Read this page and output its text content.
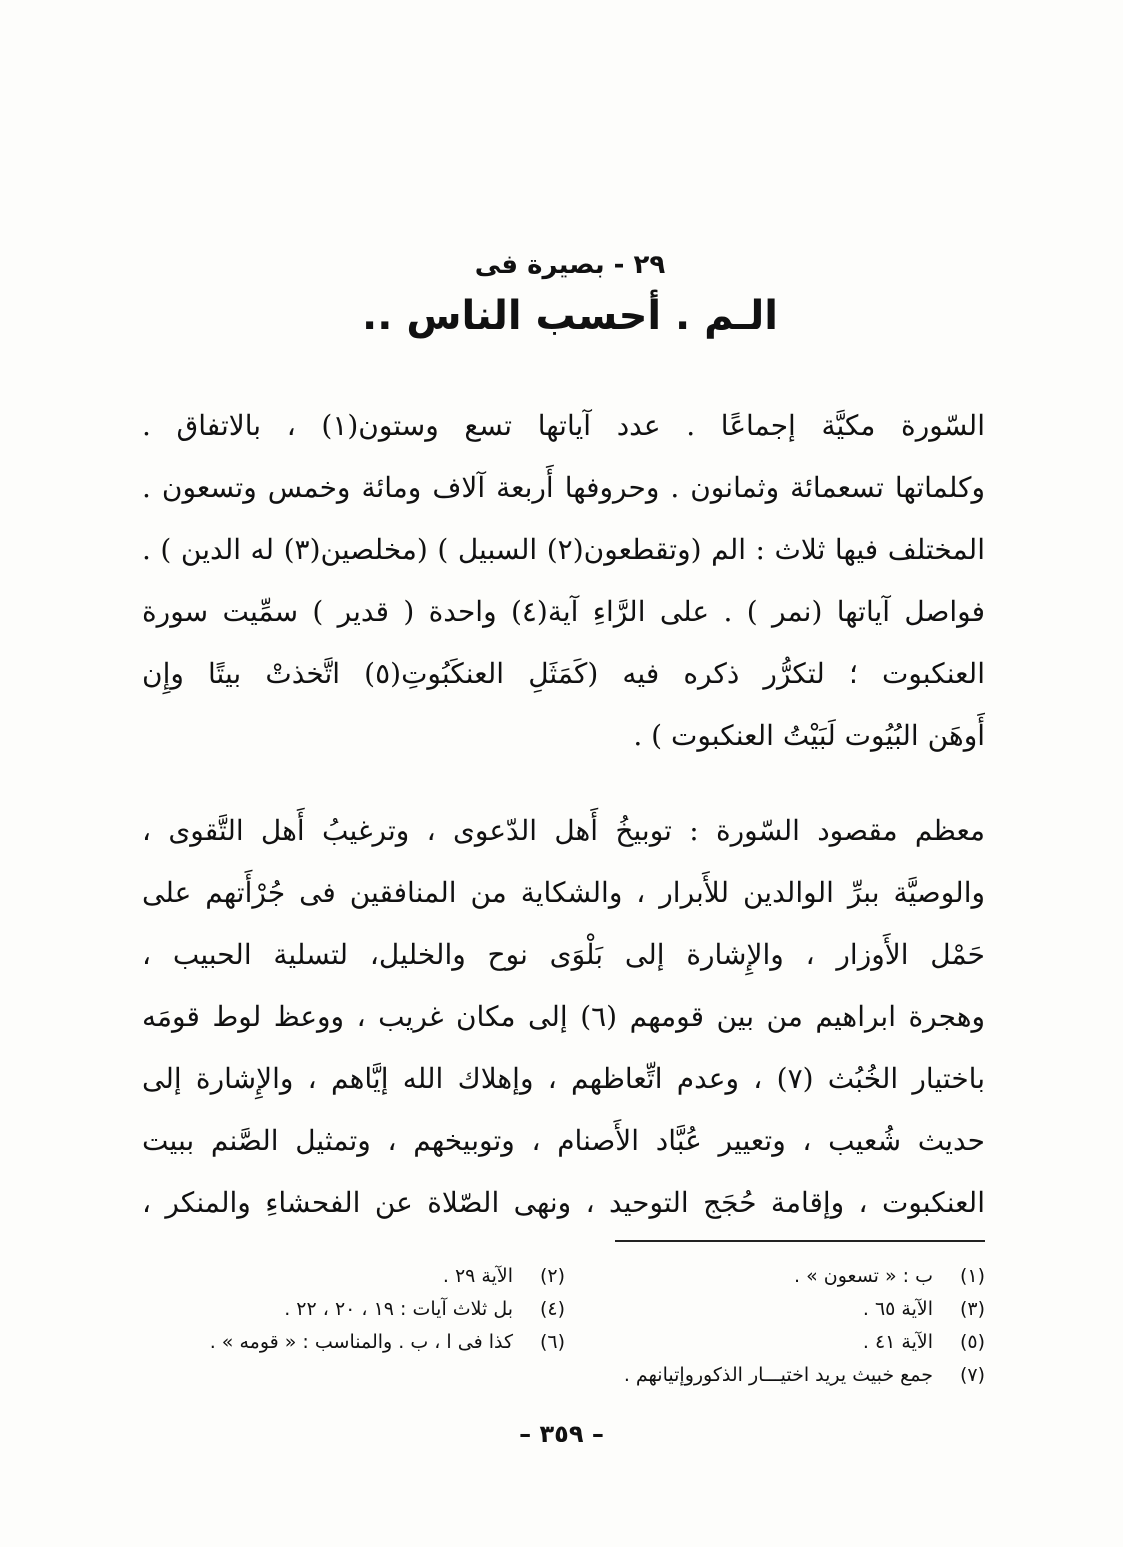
٢٩ - بصيرة فى
الـم . أحسب الناس ..
السّورة مكيَّة إجماعًا . عدد آياتها تسع وستون(١) ، بالاتفاق .
وكلماتها تسعمائة وثمانون . وحروفها أَربعة آلاف ومائة وخمس وتسعون .
المختلف فيها ثلاث : الم (وتقطعون(٢) السبيل ) (مخلصين(٣) له الدين ) .
فواصل آياتها (نمر ) . على الرَّاءِ آية(٤) واحدة ( قدير ) سمِّيت سورة
العنكبوت ؛ لتكرُّر ذكره فيه (كَمَثَلِ العنكَبُوتِ(٥) اتَّخذتْ بيتًا وإِن
أَوهَن البُيُوت لَبَيْتُ العنكبوت ) .
معظم مقصود السّورة : توبيخُ أَهل الدّعوى ، وترغيبُ أَهل التَّقوى ،
والوصيَّة ببرِّ الوالدين للأَبرار ، والشكاية من المنافقين فى جُرْأَتهم على
حَمْل الأَوزار ، والإِشارة إلى بَلْوَى نوح والخليل، لتسلية الحبيب ،
وهجرة ابراهيم من بين قومهم (٦) إلى مكان غريب ، ووعظ لوط قومَه
باختيار الخُبُث (٧) ، وعدم اتِّعاظهم ، وإهلاك الله إيَّاهم ، والإِشارة إلى
حديث شُعيب ، وتعيير عُبَّاد الأَصنام ، وتوبيخهم ، وتمثيل الصَّنم ببيت
العنكبوت ، وإقامة حُجَج التوحيد ، ونهى الصّلاة عن الفحشاءِ والمنكر ،
(١)
ب : « تسعون » .
(٢)
الآية ٢٩ .
(٣)
الآية ٦٥ .
(٤)
بل ثلاث آيات : ١٩ ، ٢٠ ، ٢٢ .
(٥)
الآية ٤١ .
(٦)
كذا فى ا ، ب . والمناسب : « قومه » .
(٧)
جمع خبيث يريد اختيـــار الذكوروإتيانهم .
– ٣٥٩ –
